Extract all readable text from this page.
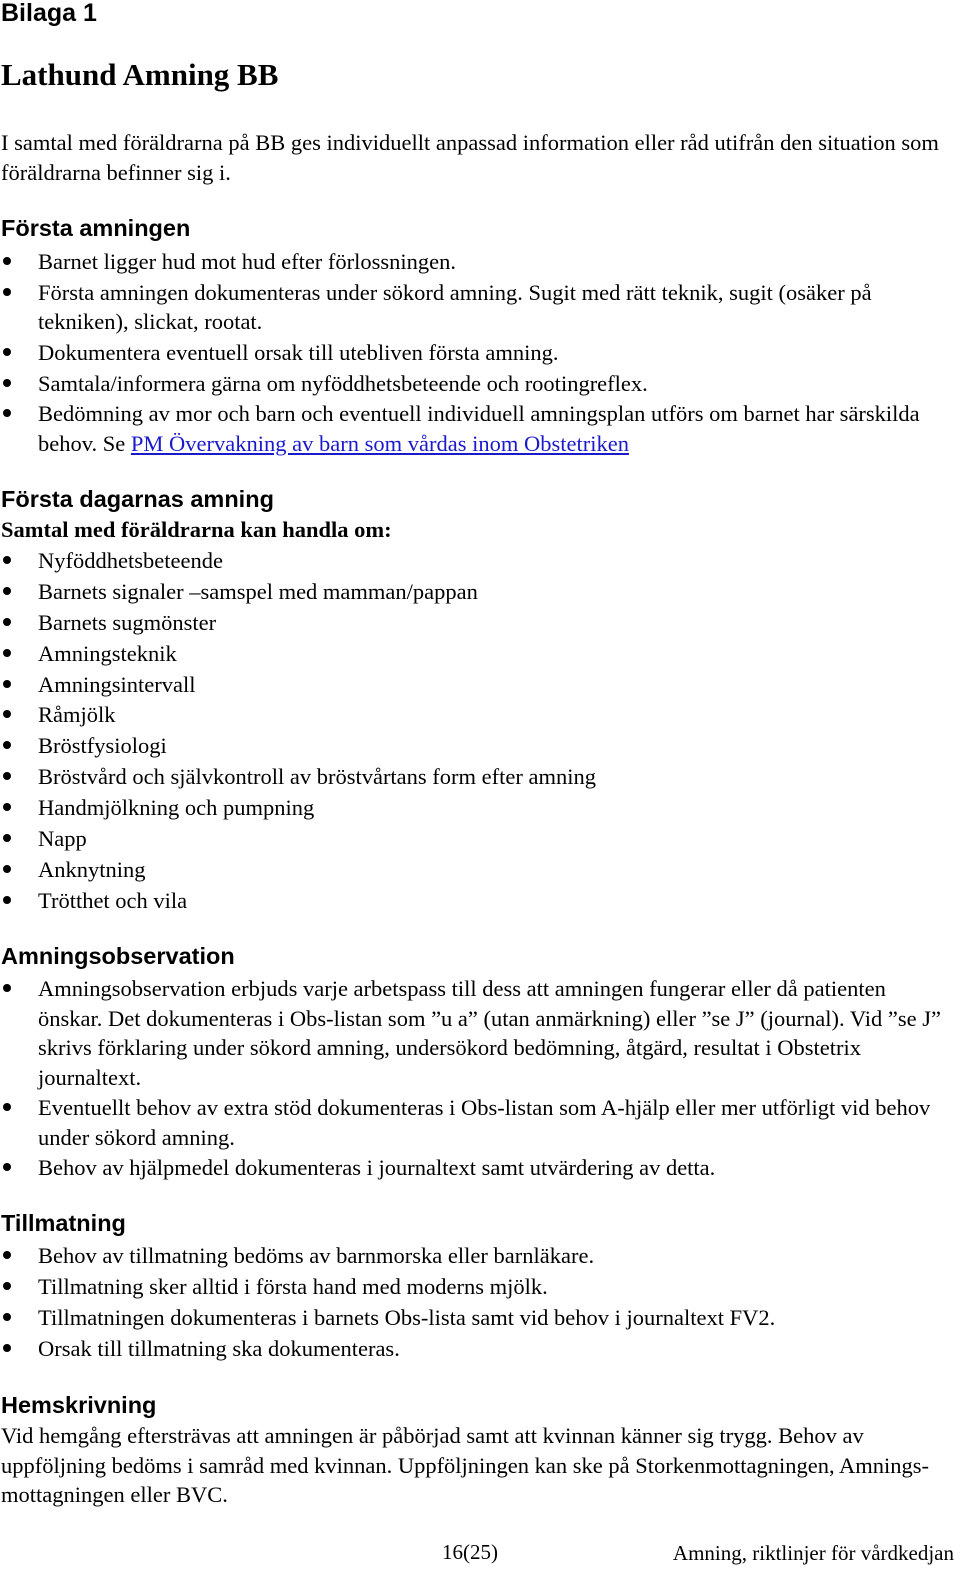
Bilaga 1
Lathund Amning BB

I samtal med föräldrarna på BB ges individuellt anpassad information eller råd utifrån den situation som föräldrarna befinner sig i.

Första amningen
Barnet ligger hud mot hud efter förlossningen.
Första amningen dokumenteras under sökord amning. Sugit med rätt teknik, sugit (osäker på tekniken), slickat, rootat.
Dokumentera eventuell orsak till utebliven första amning.
Samtala/informera gärna om nyföddhetsbeteende och rootingreflex.
Bedömning av mor och barn och eventuell individuell amningsplan utförs om barnet har särskilda behov. Se PM Övervakning av barn som vårdas inom Obstetriken
Första dagarnas amning
Samtal med föräldrarna kan handla om:
Nyföddhetsbeteende
Barnets signaler –samspel med mamman/pappan
Barnets sugmönster
Amningsteknik
Amningsintervall
Råmjölk
Bröstfysiologi
Bröstvård och självkontroll av bröstvårtans form efter amning
Handmjölkning och pumpning
Napp
Anknytning
Trötthet och vila
Amningsobservation
Amningsobservation erbjuds varje arbetspass till dess att amningen fungerar eller då patienten önskar. Det dokumenteras i Obs-listan som ”u a” (utan anmärkning) eller ”se J” (journal). Vid ”se J” skrivs förklaring under sökord amning, undersökord bedömning, åtgärd, resultat i Obstetrix journaltext.
Eventuellt behov av extra stöd dokumenteras i Obs-listan som A-hjälp eller mer utförligt vid behov under sökord amning.
Behov av hjälpmedel dokumenteras i journaltext samt utvärdering av detta.
Tillmatning
Behov av tillmatning bedöms av barnmorska eller barnläkare.
Tillmatning sker alltid i första hand med moderns mjölk.
Tillmatningen dokumenteras i barnets Obs-lista samt vid behov i journaltext FV2.
Orsak till tillmatning ska dokumenteras.
Hemskrivning

Vid hemgång eftersträvas att amningen är påbörjad samt att kvinnan känner sig trygg. Behov av uppföljning bedöms i samråd med kvinnan. Uppföljningen kan ske på Storkenmottagningen, Amnings-mottagningen eller BVC.

16(25)	Amning, riktlinjer för vårdkedjan
